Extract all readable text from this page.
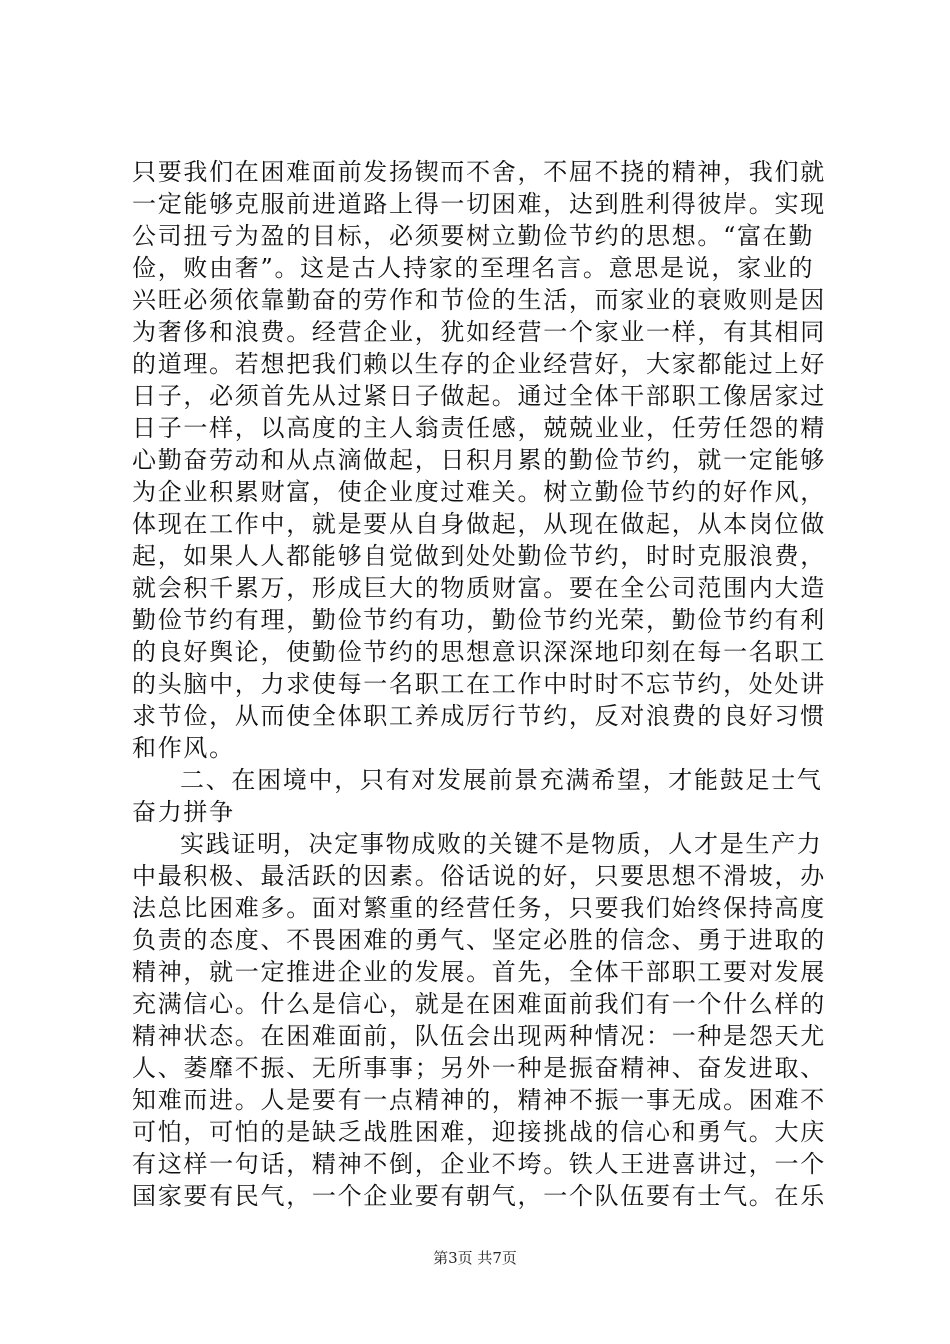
只要我们在困难面前发扬锲而不舍，不屈不挠的精神，我们就
一定能够克服前进道路上得一切困难，达到胜利得彼岸。实现
公司扭亏为盈的目标，必须要树立勤俭节约的思想。“富在勤
俭，败由奢”。这是古人持家的至理名言。意思是说，家业的
兴旺必须依靠勤奋的劳作和节俭的生活，而家业的衰败则是因
为奢侈和浪费。经营企业，犹如经营一个家业一样，有其相同
的道理。若想把我们赖以生存的企业经营好，大家都能过上好
日子，必须首先从过紧日子做起。通过全体干部职工像居家过
日子一样，以高度的主人翁责任感，兢兢业业，任劳任怨的精
心勤奋劳动和从点滴做起，日积月累的勤俭节约，就一定能够
为企业积累财富，使企业度过难关。树立勤俭节约的好作风，
体现在工作中，就是要从自身做起，从现在做起，从本岗位做
起，如果人人都能够自觉做到处处勤俭节约，时时克服浪费，
就会积千累万，形成巨大的物质财富。要在全公司范围内大造
勤俭节约有理，勤俭节约有功，勤俭节约光荣，勤俭节约有利
的良好舆论，使勤俭节约的思想意识深深地印刻在每一名职工
的头脑中，力求使每一名职工在工作中时时不忘节约，处处讲
求节俭，从而使全体职工养成厉行节约，反对浪费的良好习惯
和作风。
二、在困境中，只有对发展前景充满希望，才能鼓足士气
奋力拼争
实践证明，决定事物成败的关键不是物质，人才是生产力
中最积极、最活跃的因素。俗话说的好，只要思想不滑坡，办
法总比困难多。面对繁重的经营任务，只要我们始终保持高度
负责的态度、不畏困难的勇气、坚定必胜的信念、勇于进取的
精神，就一定推进企业的发展。首先，全体干部职工要对发展
充满信心。什么是信心，就是在困难面前我们有一个什么样的
精神状态。在困难面前，队伍会出现两种情况：一种是怨天尤
人、萎靡不振、无所事事；另外一种是振奋精神、奋发进取、
知难而进。人是要有一点精神的，精神不振一事无成。困难不
可怕，可怕的是缺乏战胜困难，迎接挑战的信心和勇气。大庆
有这样一句话，精神不倒，企业不垮。铁人王进喜讲过，一个
国家要有民气，一个企业要有朝气，一个队伍要有士气。在乐
第3页 共7页
